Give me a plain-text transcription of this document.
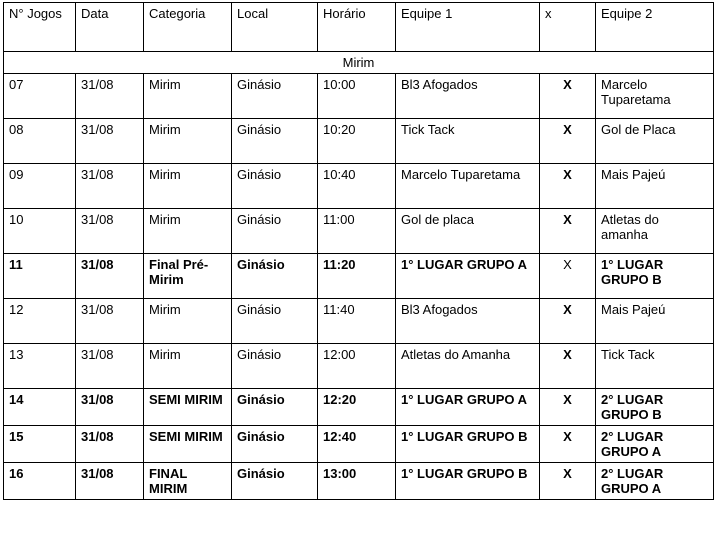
N° Jogos	Data	Categoria	Local	Horário	Equipe 1	x	Equipe 2
Mirim							
07	31/08	Mirim	Ginásio	10:00	Bl3 Afogados	X	Marcelo Tuparetama
08	31/08	Mirim	Ginásio	10:20	Tick Tack	X	Gol de Placa
09	31/08	Mirim	Ginásio	10:40	Marcelo Tuparetama	X	Mais Pajeú
10	31/08	Mirim	Ginásio	11:00	Gol de placa	X	Atletas do amanha
11	31/08	Final Pré-Mirim	Ginásio	11:20	1° LUGAR GRUPO A	X	1° LUGAR GRUPO B
12	31/08	Mirim	Ginásio	11:40	Bl3 Afogados	X	Mais Pajeú
13	31/08	Mirim	Ginásio	12:00	Atletas do Amanha	X	Tick Tack
14	31/08	SEMI MIRIM	Ginásio	12:20	1° LUGAR GRUPO A	X	2° LUGAR GRUPO B
15	31/08	SEMI MIRIM	Ginásio	12:40	1° LUGAR GRUPO B	X	2° LUGAR GRUPO A
16	31/08	FINAL MIRIM	Ginásio	13:00	1° LUGAR GRUPO B	X	2° LUGAR GRUPO A
